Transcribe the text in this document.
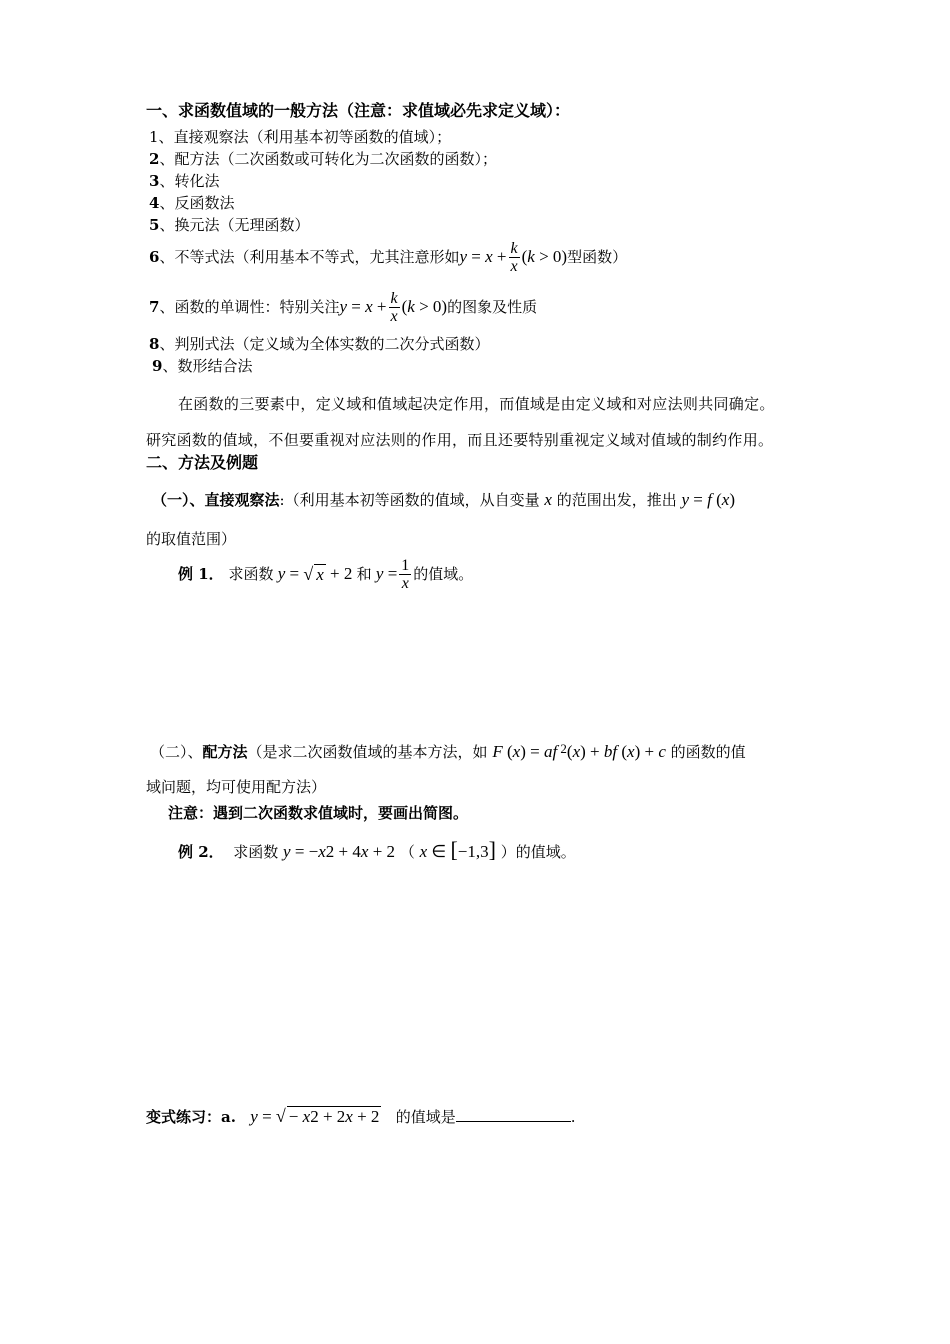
一、求函数值域的一般方法（注意：求值域必先求定义域）：
1、直接观察法（利用基本初等函数的值域）；
2、配方法（二次函数或可转化为二次函数的函数）；
3、转化法
4、反函数法
5、换元法（无理函数）
6 、 不等式法（利用基本不等式，尤其注意形如 $y = x + \frac{k}{x}$ ( k > 0) 型函数）
7 、 函数的单调性：特别关注 $y = x + \frac{k}{x}$ ( k > 0) 的图象及性质
8、判别式法（定义域为全体实数的二次分式函数）
9、数形结合法
在函数的三要素中，定义域和值域起决定作用，而值域是由定义域和对应法则共同确定。
研究函数的值域，不但要重视对应法则的作用，而且还要特别重视定义域对值域的制约作用。
二、方法及例题
（一）、直接观察法:（利用基本初等函数的值域，从自变量 x 的范围出发，推出 y = f (x)
的取值范围）
例 1．
求函数 y = √ x + 2 和 $y = \frac{1}{x}$ 的值域。
（二）、配方法（是求二次函数值域的基本方法，如 F (x) = af 2(x) + bf (x) + c 的函数的值
域问题，均可使用配方法）
注意：遇到二次函数求值域时，要画出简图。
例 2． 求函数 y = −x2 + 4x + 2 （ x ∈ [−1,3] ）的值域。
变式练习：a. y = √ − x2 + 2x + 2 的值域是	.
